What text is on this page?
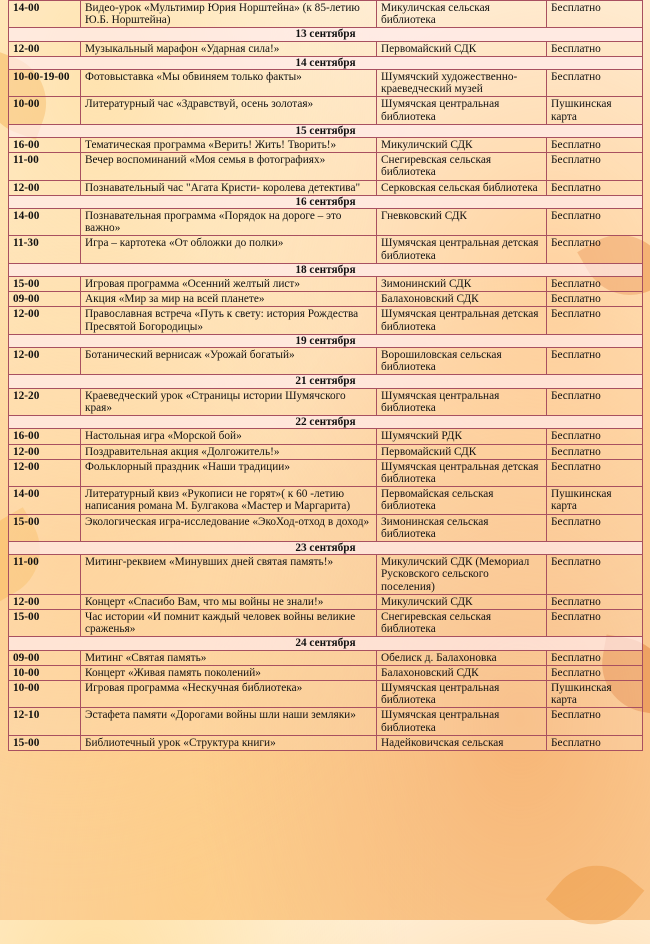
14-00	Видео-урок «Мультимир Юрия Норштейна» (к 85-летию Ю.Б. Норштейна)	Микуличская сельская библиотека	Бесплатно
13 сентября			
12-00	Музыкальный марафон «Ударная сила!»	Первомайский СДК	Бесплатно
14 сентября			
10-00-19-00	Фотовыставка «Мы обвиняем только факты»	Шумячский художественно-краеведческий музей	Бесплатно
10-00	Литературный час «Здравствуй, осень золотая»	Шумячская центральная библиотека	Пушкинская карта
15 сентября			
16-00	Тематическая программа «Верить! Жить! Творить!»	Микуличский СДК	Бесплатно
11-00	Вечер воспоминаний «Моя семья в фотографиях»	Снегиревская сельская библиотека	Бесплатно
12-00	Познавательный час "Агата Кристи- королева детектива"	Серковская сельская библиотека	Бесплатно
16 сентября			
14-00	Познавательная программа «Порядок на дороге – это важно»	Гневковский СДК	Бесплатно
11-30	Игра – картотека «От обложки до полки»	Шумячская центральная детская библиотека	Бесплатно
18 сентября			
15-00	Игровая программа «Осенний желтый лист»	Зимонинский СДК	Бесплатно
09-00	Акция «Мир за мир на всей планете»	Балахоновский СДК	Бесплатно
12-00	Православная встреча «Путь к свету: история Рождества Пресвятой Богородицы»	Шумячская центральная детская библиотека	Бесплатно
19 сентября			
12-00	Ботанический вернисаж «Урожай богатый»	Ворошиловская сельская библиотека	Бесплатно
21 сентября			
12-20	Краеведческий урок «Страницы истории Шумячского края»	Шумячская центральная библиотека	Бесплатно
22 сентября			
16-00	Настольная игра «Морской бой»	Шумячский РДК	Бесплатно
12-00	Поздравительная акция «Долгожитель!»	Первомайский СДК	Бесплатно
12-00	Фольклорный праздник «Наши традиции»	Шумячская центральная детская библиотека	Бесплатно
14-00	Литературный квиз «Рукописи не горят»( к 60 -летию написания романа М. Булгакова «Мастер и Маргарита)	Первомайская сельская библиотека	Пушкинская карта
15-00	Экологическая игра-исследование «ЭкоХод-отход в доход»	Зимонинская сельская библиотека	Бесплатно
23 сентября			
11-00	Митинг-реквием «Минувших дней святая память!»	Микуличский СДК (Мемориал Русковского сельского поселения)	Бесплатно
12-00	Концерт «Спасибо Вам, что мы войны не знали!»	Микуличский СДК	Бесплатно
15-00	Час истории «И помнит каждый человек войны великие сраженья»	Снегиревская сельская библиотека	Бесплатно
24 сентября			
09-00	Митинг «Святая память»	Обелиск д. Балахоновка	Бесплатно
10-00	Концерт «Живая память поколений»	Балахоновский СДК	Бесплатно
10-00	Игровая программа «Нескучная библиотека»	Шумячская центральная библиотека	Пушкинская карта
12-10	Эстафета памяти «Дорогами войны шли наши земляки»	Шумячская центральная библиотека	Бесплатно
15-00	Библиотечный урок «Структура книги»	Надейковичская сельская	Бесплатно
